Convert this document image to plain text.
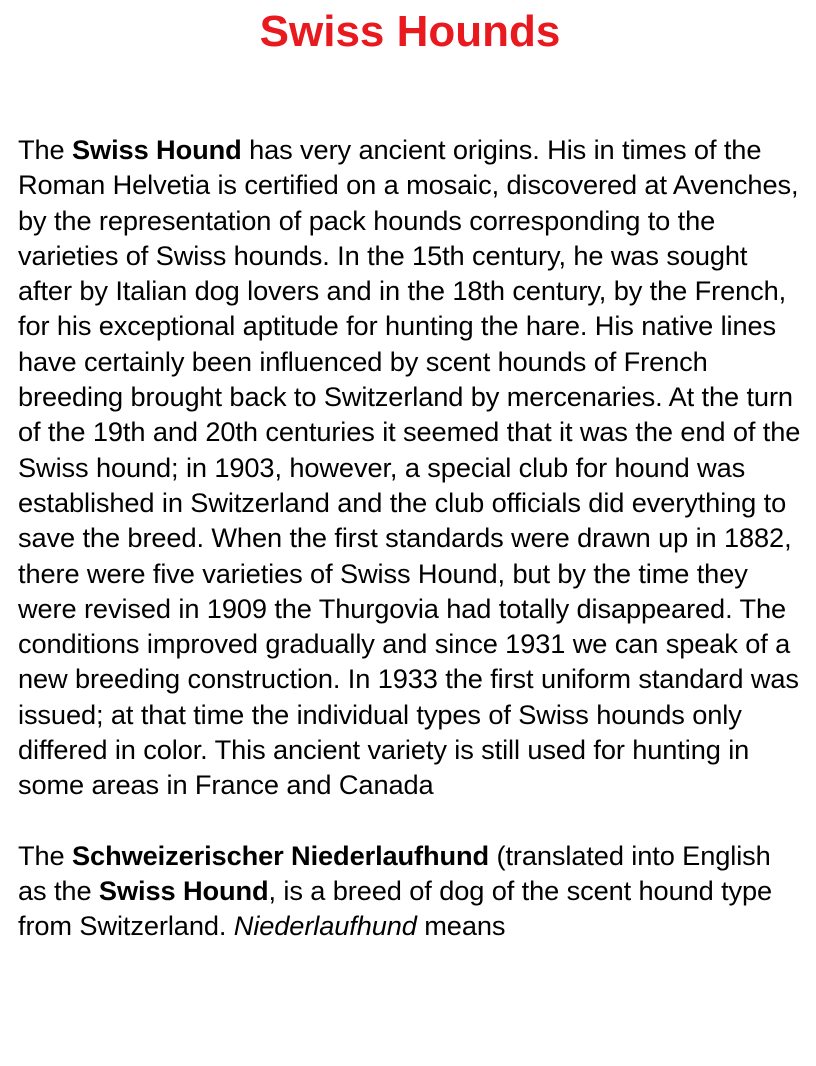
Swiss Hounds

The Swiss Hound has very ancient origins. His in times of the Roman Helvetia is certified on a mosaic, discovered at Avenches, by the representation of pack hounds corresponding to the varieties of Swiss hounds. In the 15th century, he was sought after by Italian dog lovers and in the 18th century, by the French, for his exceptional aptitude for hunting the hare. His native lines have certainly been influenced by scent hounds of French breeding brought back to Switzerland by mercenaries. At the turn of the 19th and 20th centuries it seemed that it was the end of the Swiss hound; in 1903, however, a special club for hound was established in Switzerland and the club officials did everything to save the breed. When the first standards were drawn up in 1882, there were five varieties of Swiss Hound, but by the time they were revised in 1909 the Thurgovia had totally disappeared. The conditions improved gradually and since 1931 we can speak of a new breeding construction. In 1933 the first uniform standard was issued; at that time the individual types of Swiss hounds only differed in color. This ancient variety is still used for hunting in some areas in France and Canada

The Schweizerischer Niederlaufhund (translated into English as the Swiss Hound, is a breed of dog of the scent hound type from Switzerland. Niederlaufhund means
